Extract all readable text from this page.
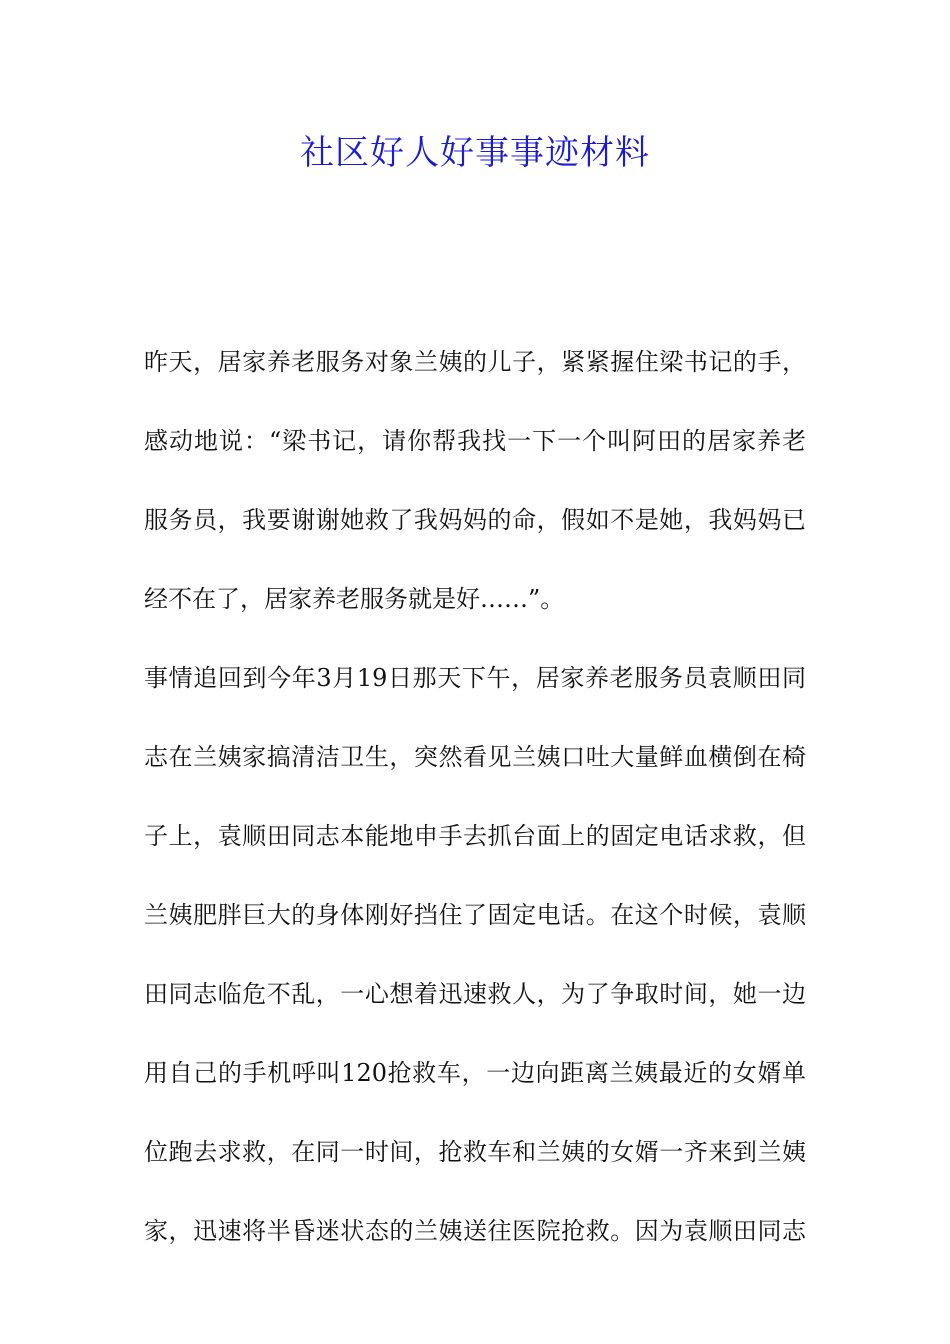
社区好人好事事迹材料
昨天，居家养老服务对象兰姨的儿子，紧紧握住梁书记的手，
感动地说：“梁书记，请你帮我找一下一个叫阿田的居家养老
服务员，我要谢谢她救了我妈妈的命，假如不是她，我妈妈已
经不在了，居家养老服务就是好……”。
事情追回到今年3月19日那天下午，居家养老服务员袁顺田同
志在兰姨家搞清洁卫生，突然看见兰姨口吐大量鲜血横倒在椅
子上，袁顺田同志本能地申手去抓台面上的固定电话求救，但
兰姨肥胖巨大的身体刚好挡住了固定电话。在这个时候，袁顺
田同志临危不乱，一心想着迅速救人，为了争取时间，她一边
用自己的手机呼叫120抢救车，一边向距离兰姨最近的女婿单
位跑去求救，在同一时间，抢救车和兰姨的女婿一齐来到兰姨
家，迅速将半昏迷状态的兰姨送往医院抢救。因为袁顺田同志
